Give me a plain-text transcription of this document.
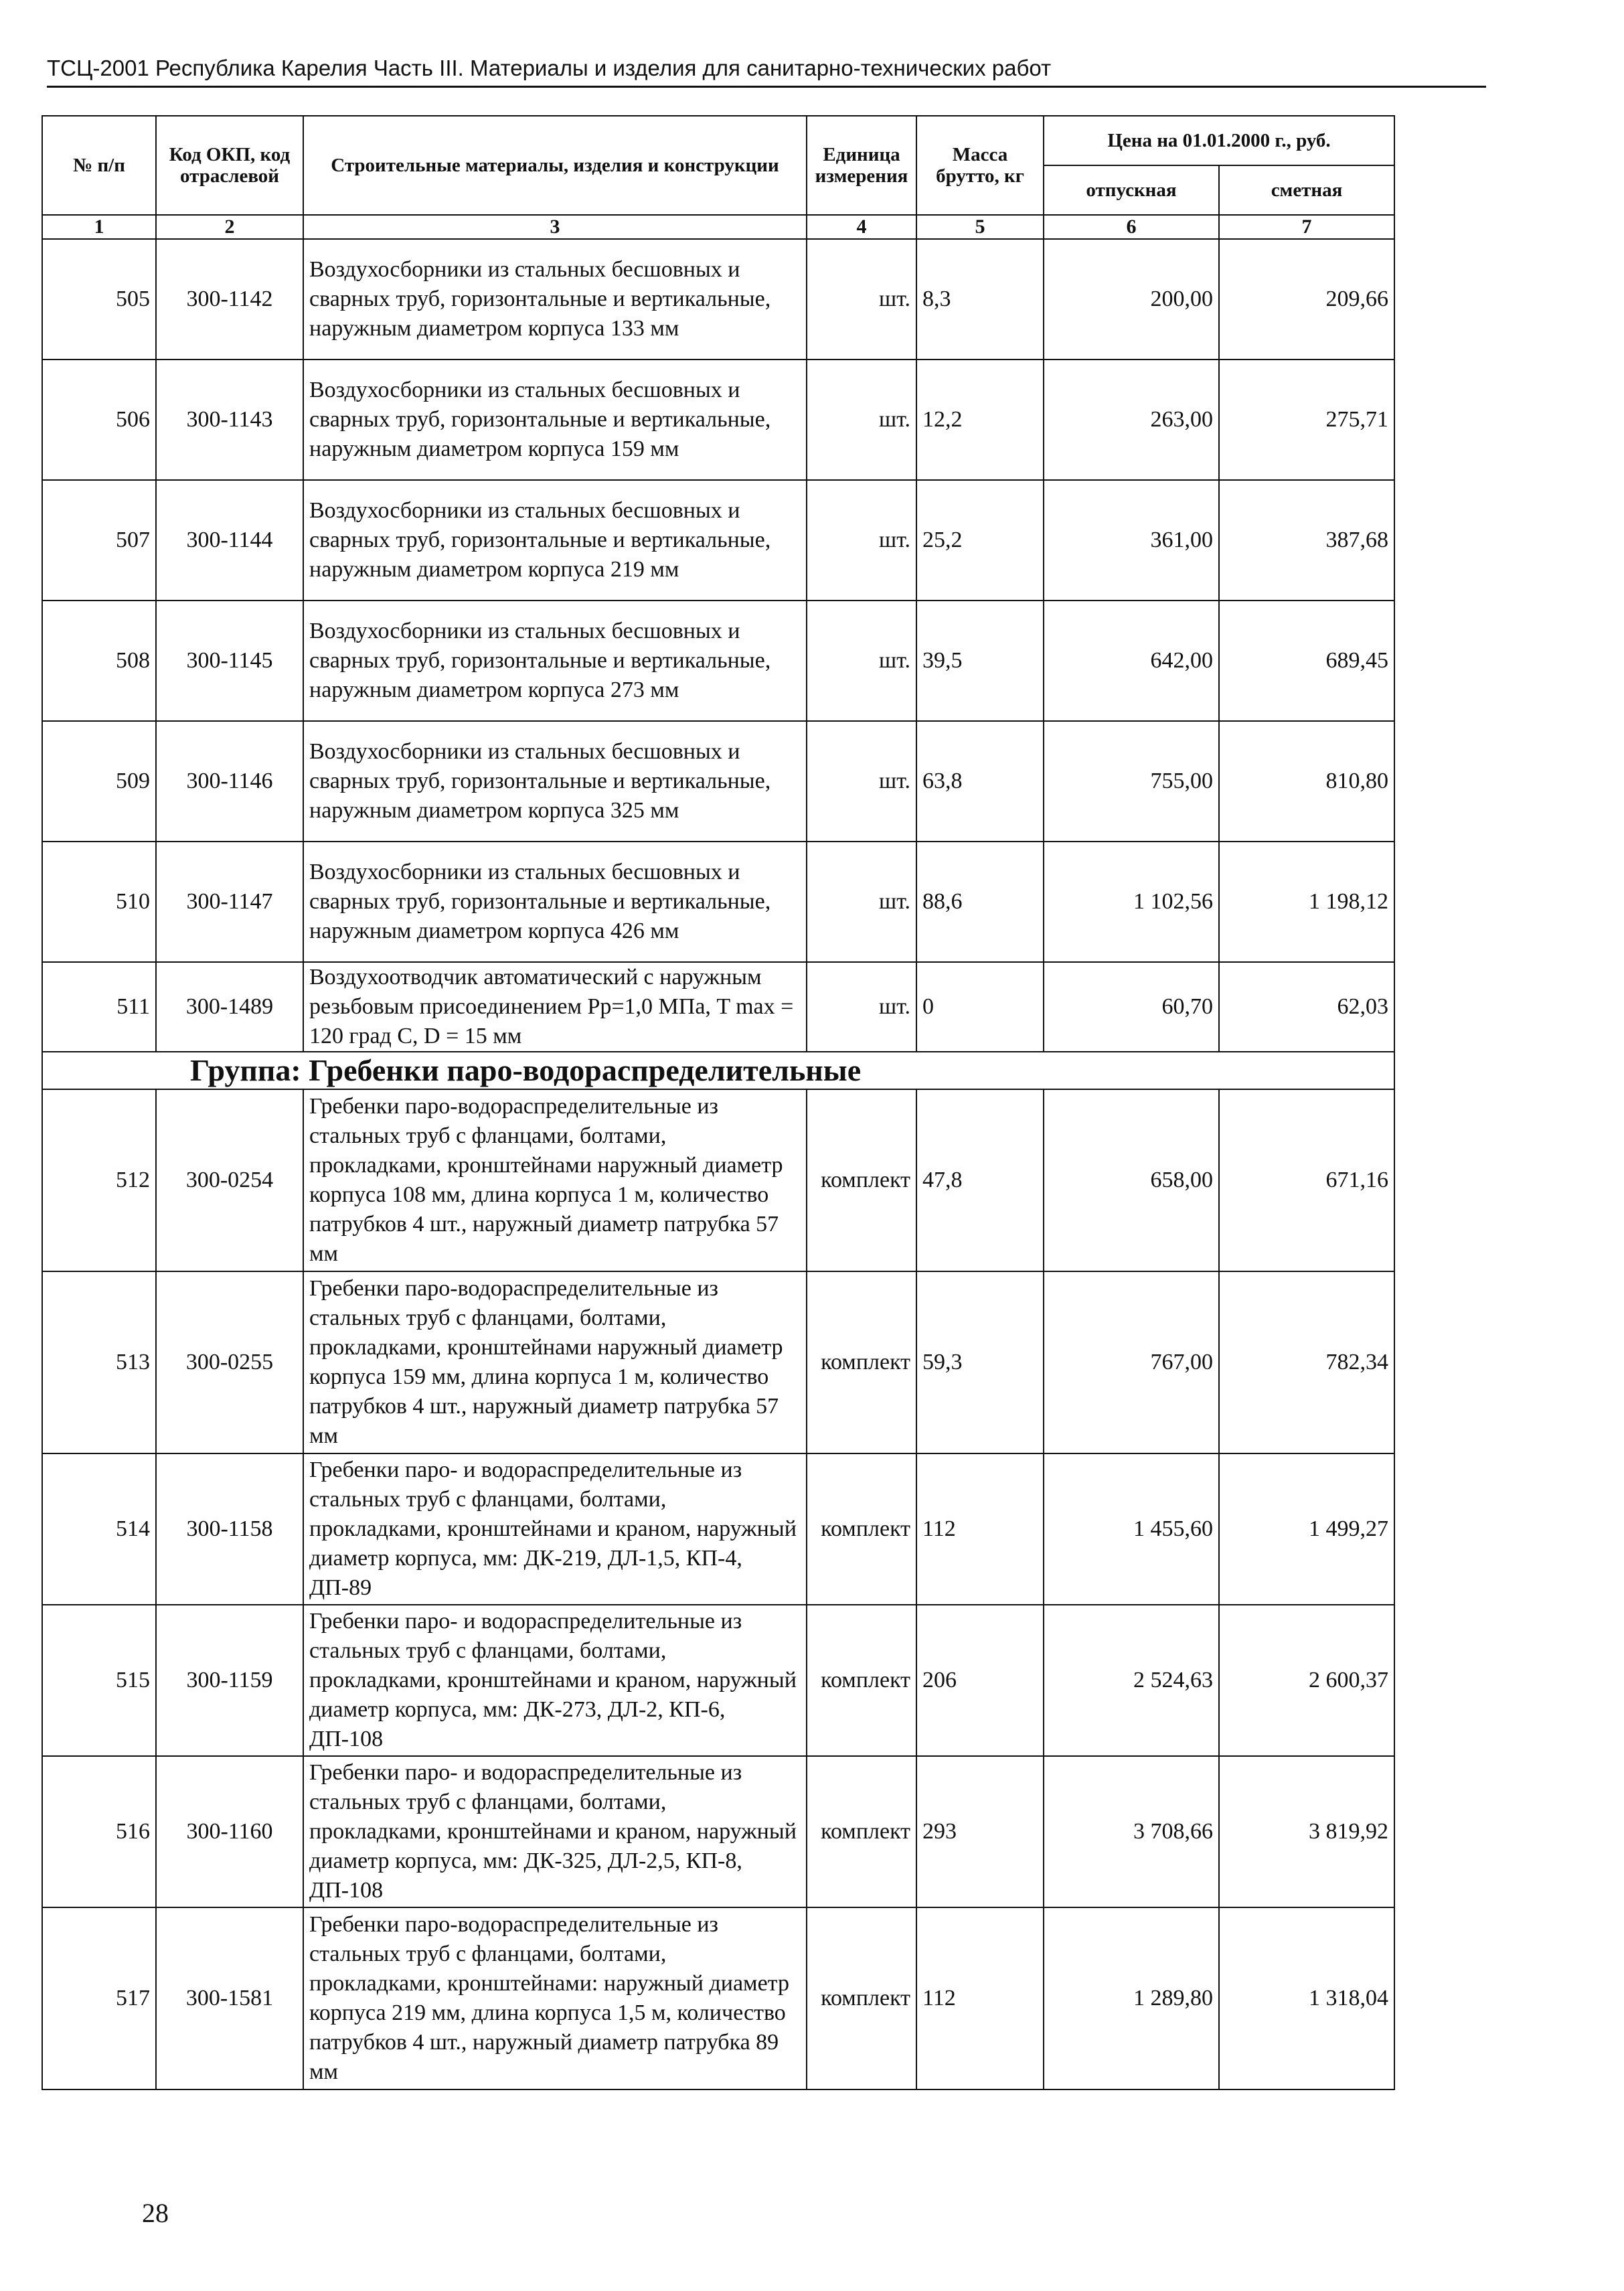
ТСЦ-2001 Республика Карелия Часть III. Материалы и изделия для санитарно-технических работ
№ п/п	Код ОКП, код отраслевой	Строительные материалы, изделия и конструкции	Единица измерения	Масса брутто, кг	Цена на 01.01.2000 г., руб.	
					отпускная	сметная
1	2	3	4	5	6	7
505	300-1142	Воздухосборники из стальных бесшовных и сварных труб, горизонтальные и вертикальные, наружным диаметром корпуса 133 мм	шт.	8,3	200,00	209,66
506	300-1143	Воздухосборники из стальных бесшовных и сварных труб, горизонтальные и вертикальные, наружным диаметром корпуса 159 мм	шт.	12,2	263,00	275,71
507	300-1144	Воздухосборники из стальных бесшовных и сварных труб, горизонтальные и вертикальные, наружным диаметром корпуса 219 мм	шт.	25,2	361,00	387,68
508	300-1145	Воздухосборники из стальных бесшовных и сварных труб, горизонтальные и вертикальные, наружным диаметром корпуса 273 мм	шт.	39,5	642,00	689,45
509	300-1146	Воздухосборники из стальных бесшовных и сварных труб, горизонтальные и вертикальные, наружным диаметром корпуса 325 мм	шт.	63,8	755,00	810,80
510	300-1147	Воздухосборники из стальных бесшовных и сварных труб, горизонтальные и вертикальные, наружным диаметром корпуса 426 мм	шт.	88,6	1 102,56	1 198,12
511	300-1489	Воздухоотводчик автоматический с наружным резьбовым присоединением Рр=1,0 МПа, T max = 120 град С, D = 15 мм	шт.	0	60,70	62,03
Группа: Гребенки паро-водораспределительные						
512	300-0254	Гребенки паро-водораспределительные из стальных труб с фланцами, болтами, прокладками, кронштейнами наружный диаметр корпуса 108 мм, длина корпуса 1 м, количество патрубков 4 шт., наружный диаметр патрубка 57 мм	комплект	47,8	658,00	671,16
513	300-0255	Гребенки паро-водораспределительные из стальных труб с фланцами, болтами, прокладками, кронштейнами наружный диаметр корпуса 159 мм, длина корпуса 1 м, количество патрубков 4 шт., наружный диаметр патрубка 57 мм	комплект	59,3	767,00	782,34
514	300-1158	Гребенки паро- и водораспределительные из стальных труб с фланцами, болтами, прокладками, кронштейнами и краном, наружный диаметр корпуса, мм: ДК-219, ДЛ-1,5, КП-4, ДП-89	комплект	112	1 455,60	1 499,27
515	300-1159	Гребенки паро- и водораспределительные из стальных труб с фланцами, болтами, прокладками, кронштейнами и краном, наружный диаметр корпуса, мм: ДК-273, ДЛ-2, КП-6, ДП-108	комплект	206	2 524,63	2 600,37
516	300-1160	Гребенки паро- и водораспределительные из стальных труб с фланцами, болтами, прокладками, кронштейнами и краном, наружный диаметр корпуса, мм: ДК-325, ДЛ-2,5, КП-8, ДП-108	комплект	293	3 708,66	3 819,92
517	300-1581	Гребенки паро-водораспределительные из стальных труб с фланцами, болтами, прокладками, кронштейнами: наружный диаметр корпуса 219 мм, длина корпуса 1,5 м, количество патрубков 4 шт., наружный диаметр патрубка 89 мм	комплект	112	1 289,80	1 318,04
28
